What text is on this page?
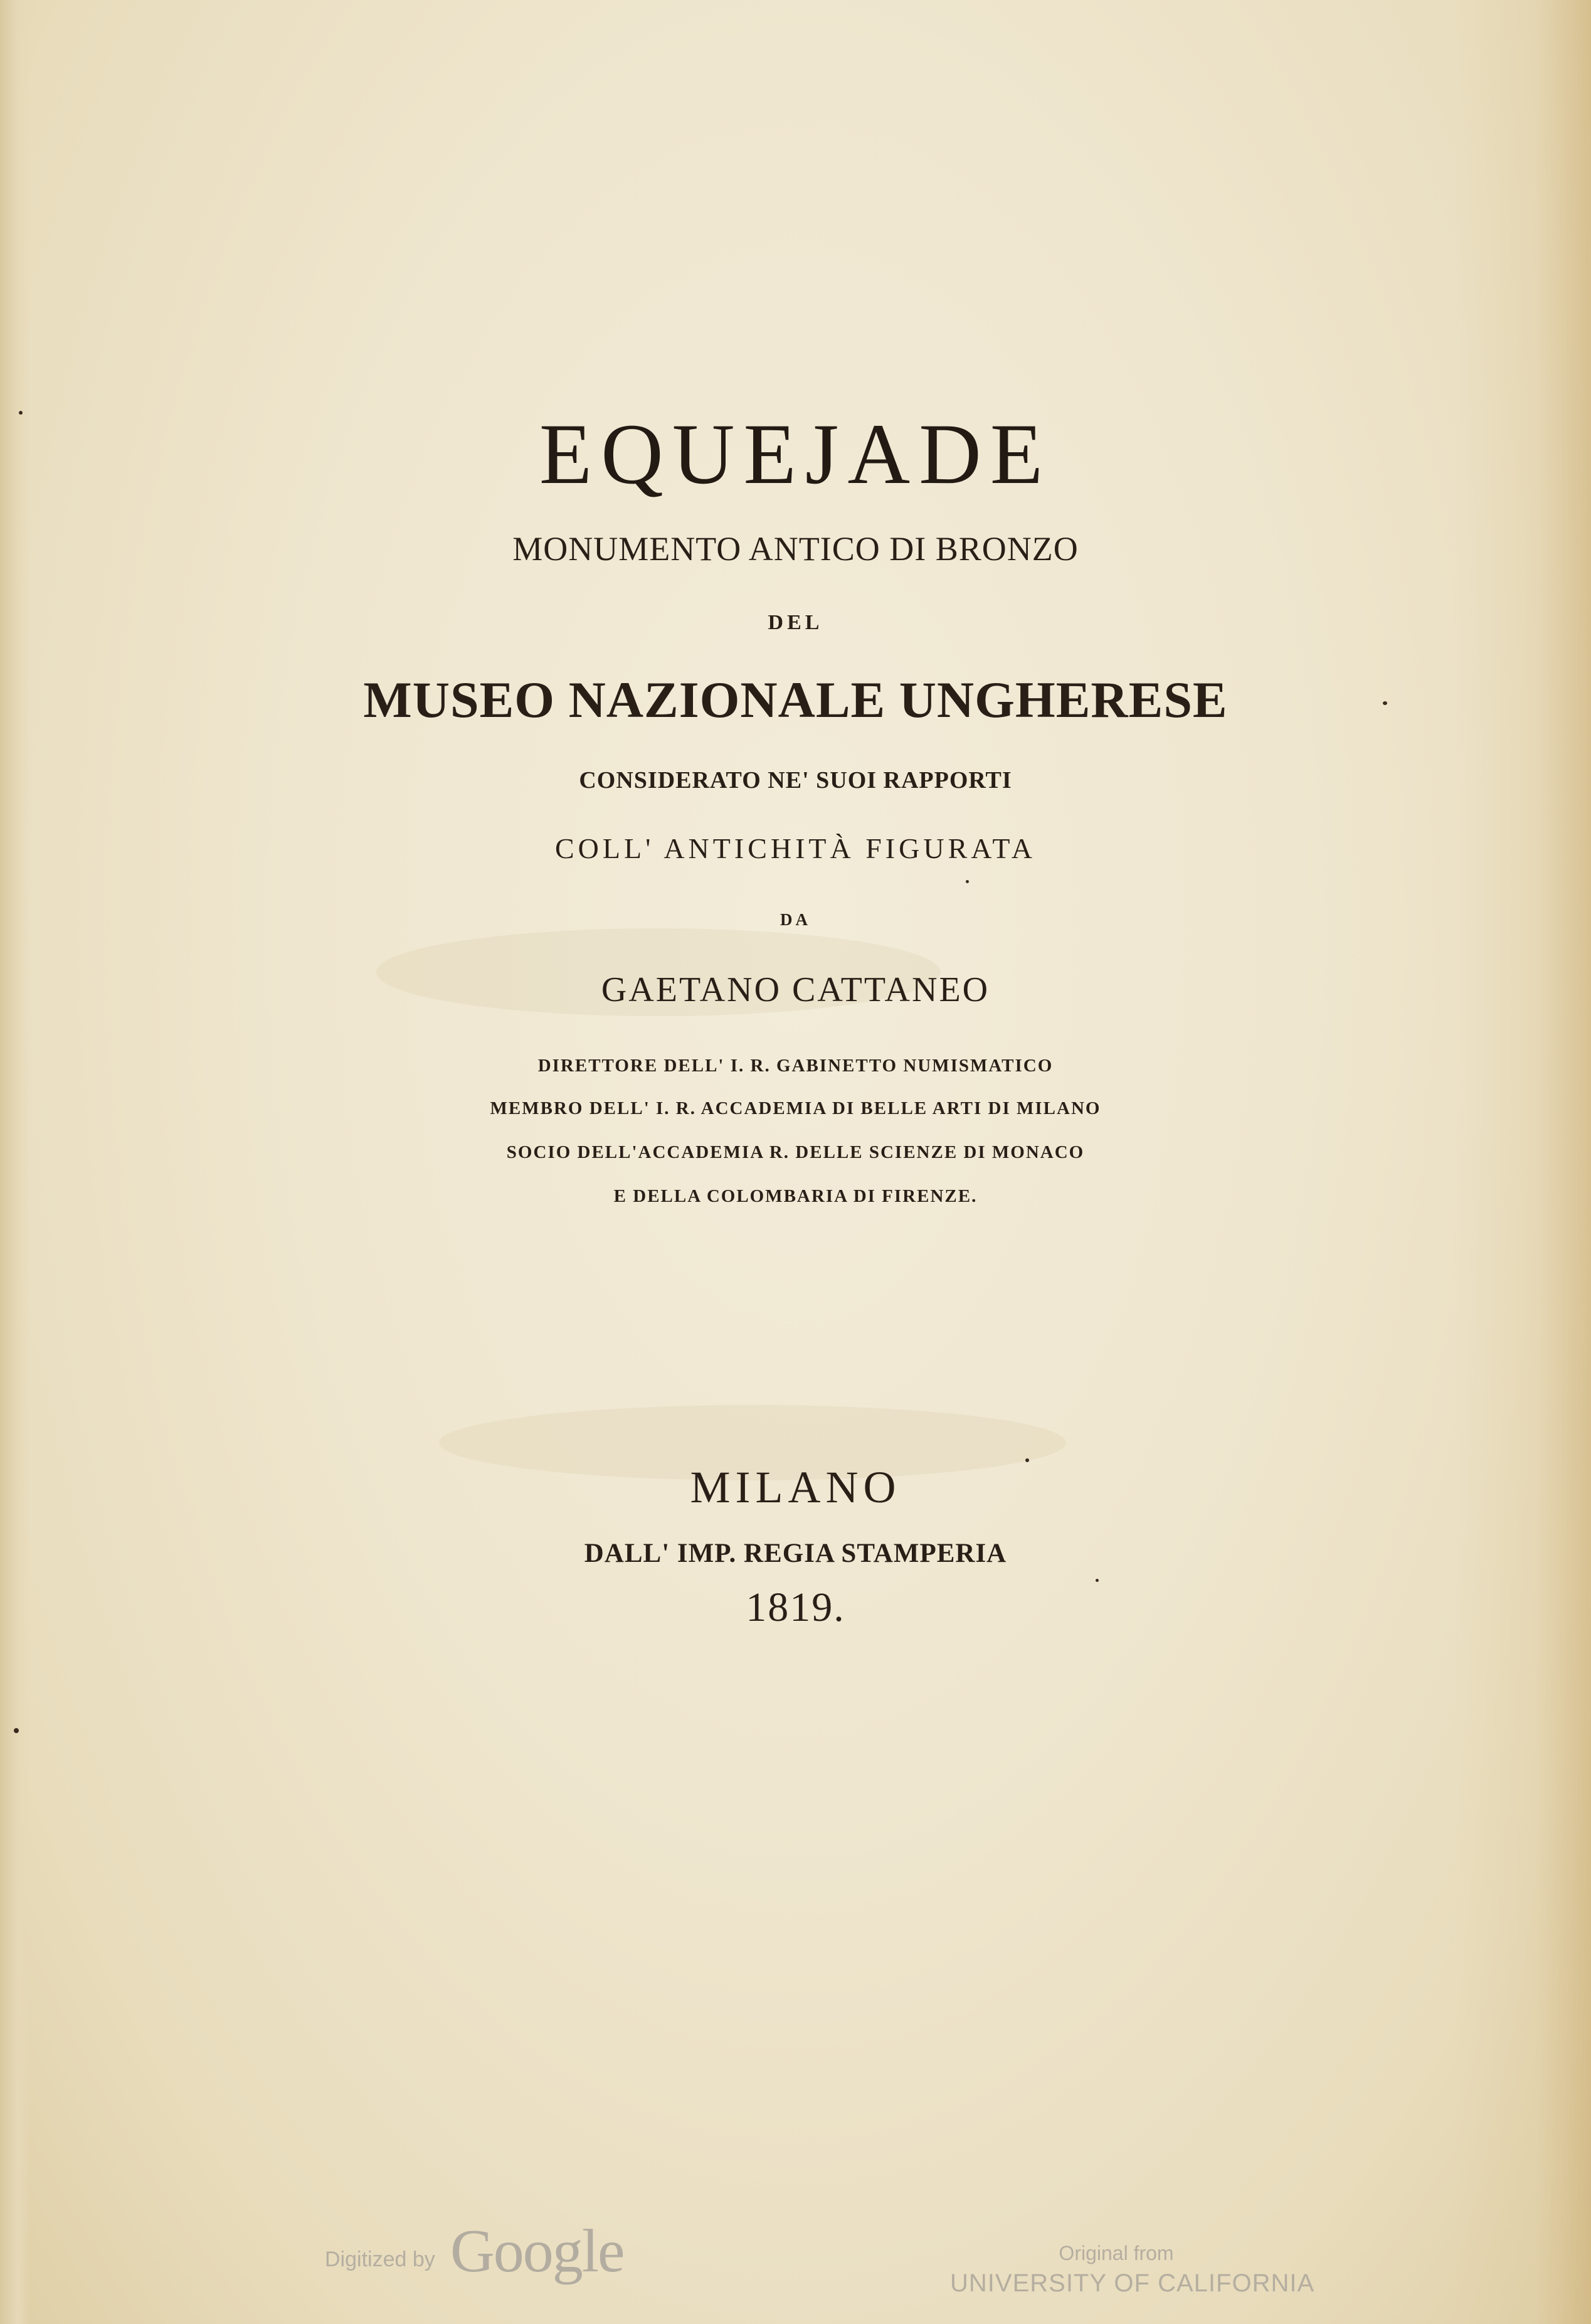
EQUEJADE

MONUMENTO ANTICO DI BRONZO

DEL

MUSEO NAZIONALE UNGHERESE

CONSIDERATO NE' SUOI RAPPORTI

COLL' ANTICHITÀ FIGURATA

DA

GAETANO CATTANEO

DIRETTORE DELL' I. R. GABINETTO NUMISMATICO

MEMBRO DELL' I. R. ACCADEMIA DI BELLE ARTI DI MILANO

SOCIO DELL'ACCADEMIA R. DELLE SCIENZE DI MONACO

E DELLA COLOMBARIA DI FIRENZE.

MILANO

DALL' IMP. REGIA STAMPERIA

1819.

Digitized by Google	Original from
UNIVERSITY OF CALIFORNIA
